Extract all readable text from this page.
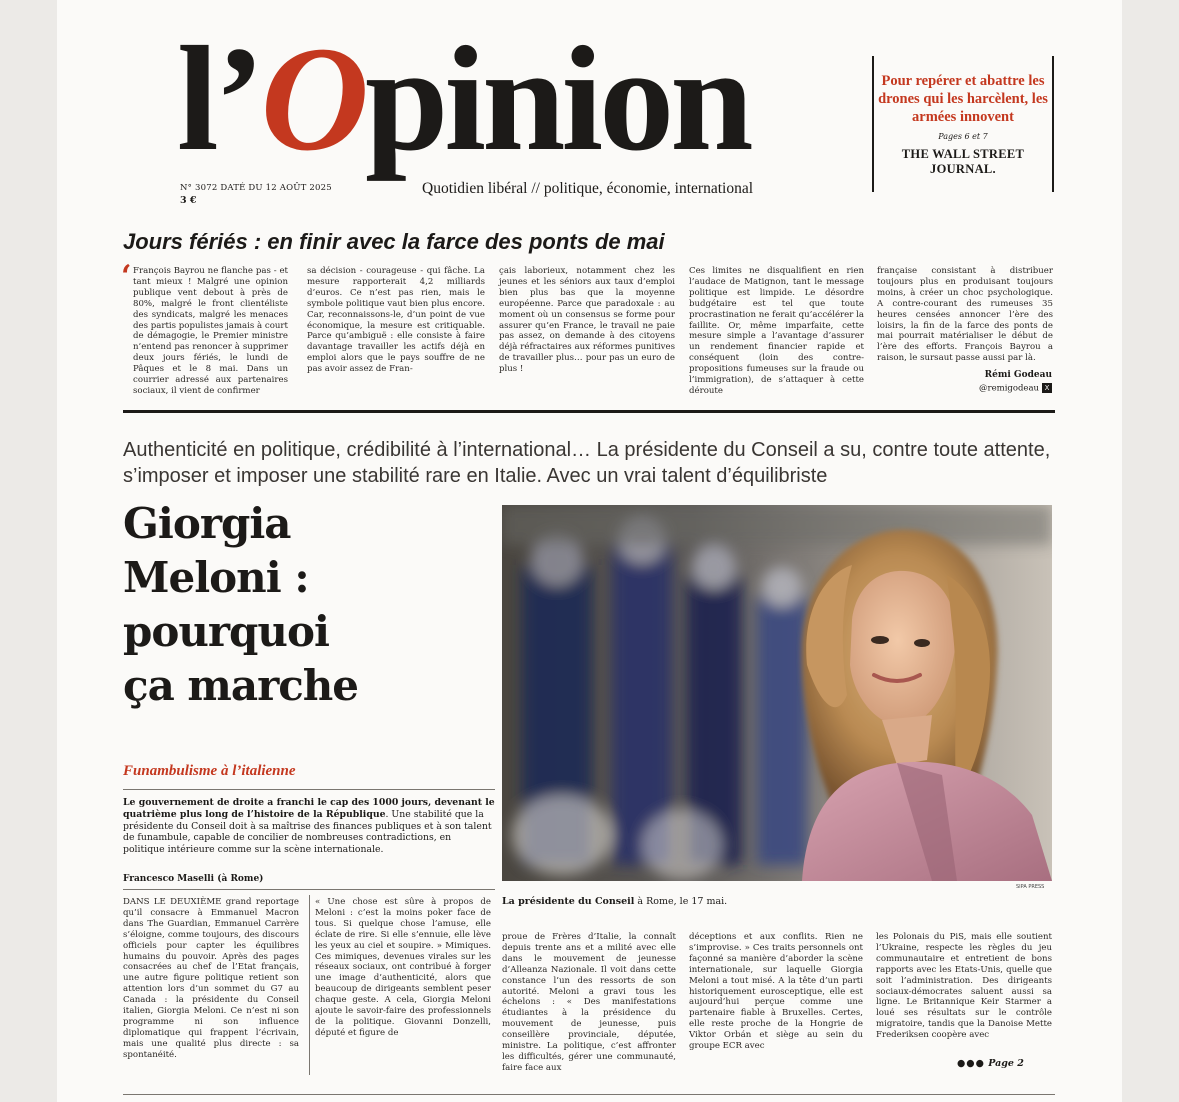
l’Opinion
N° 3072 DATÉ DU 12 AOÛT 2025
3 €
Quotidien libéral // politique, économie, international
Pour repérer et abattre les drones qui les harcèlent, les armées innovent
Pages 6 et 7
THE WALL STREET JOURNAL.
Jours fériés : en finir avec la farce des ponts de mai
‘ François Bayrou ne flanche pas - et tant mieux ! Malgré une opinion publique vent debout à près de 80%, malgré le front clientéliste des syndicats, malgré les menaces des partis populistes jamais à court de démagogie, le Premier ministre n’entend pas renoncer à supprimer deux jours fériés, le lundi de Pâques et le 8 mai. Dans un courrier adressé aux partenaires sociaux, il vient de confirmer
sa décision - courageuse - qui fâche. La mesure rapporterait 4,2 milliards d’euros. Ce n’est pas rien, mais le symbole politique vaut bien plus encore. Car, reconnaissons-le, d’un point de vue économique, la mesure est critiquable. Parce qu’ambiguë : elle consiste à faire davantage travailler les actifs déjà en emploi alors que le pays souffre de ne pas avoir assez de Fran-
çais laborieux, notamment chez les jeunes et les séniors aux taux d’emploi bien plus bas que la moyenne européenne. Parce que paradoxale : au moment où un consensus se forme pour assurer qu’en France, le travail ne paie pas assez, on demande à des citoyens déjà réfractaires aux réformes punitives de travailler plus… pour pas un euro de plus !
Ces limites ne disqualifient en rien l’audace de Matignon, tant le message politique est limpide. Le désordre budgétaire est tel que toute procrastination ne ferait qu’accélérer la faillite. Or, même imparfaite, cette mesure simple a l’avantage d’assurer un rendement financier rapide et conséquent (loin des contre-propositions fumeuses sur la fraude ou l’immigration), de s’attaquer à cette déroute
française consistant à distribuer toujours plus en produisant toujours moins, à créer un choc psychologique. A contre-courant des rumeuses 35 heures censées annoncer l’ère des loisirs, la fin de la farce des ponts de mai pourrait matérialiser le début de l’ère des efforts. François Bayrou a raison, le sursaut passe aussi par là.
Rémi Godeau
@remigodeau X
Authenticité en politique, crédibilité à l’international… La présidente du Conseil a su, contre toute attente, s’imposer et imposer une stabilité rare en Italie. Avec un vrai talent d’équilibriste
Giorgia
Meloni :
pourquoi
ça marche
Funambulisme à l’italienne
Le gouvernement de droite a franchi le cap des 1000 jours, devenant le quatrième plus long de l’histoire de la République. Une stabilité que la présidente du Conseil doit à sa maîtrise des finances publiques et à son talent de funambule, capable de concilier de nombreuses contradictions, en politique intérieure comme sur la scène internationale.
Francesco Maselli (à Rome)
SIPA PRESS
La présidente du Conseil à Rome, le 17 mai.
DANS LE DEUXIÈME grand reportage qu’il consacre à Emmanuel Macron dans The Guardian, Emmanuel Carrère s’éloigne, comme toujours, des discours officiels pour capter les équilibres humains du pouvoir. Après des pages consacrées au chef de l’Etat français, une autre figure politique retient son attention lors d’un sommet du G7 au Canada : la présidente du Conseil italien, Giorgia Meloni. Ce n’est ni son programme ni son influence diplomatique qui frappent l’écrivain, mais une qualité plus directe : sa spontanéité.
« Une chose est sûre à propos de Meloni : c’est la moins poker face de tous. Si quelque chose l’amuse, elle éclate de rire. Si elle s’ennuie, elle lève les yeux au ciel et soupire. » Mimiques. Ces mimiques, devenues virales sur les réseaux sociaux, ont contribué à forger une image d’authenticité, alors que beaucoup de dirigeants semblent peser chaque geste. A cela, Giorgia Meloni ajoute le savoir-faire des professionnels de la politique. Giovanni Donzelli, député et figure de
proue de Frères d’Italie, la connaît depuis trente ans et a milité avec elle dans le mouvement de jeunesse d’Alleanza Nazionale. Il voit dans cette constance l’un des ressorts de son autorité. Meloni a gravi tous les échelons : « Des manifestations étudiantes à la présidence du mouvement de jeunesse, puis conseillère provinciale, députée, ministre. La politique, c’est affronter les difficultés, gérer une communauté, faire face aux
déceptions et aux conflits. Rien ne s’improvise. » Ces traits personnels ont façonné sa manière d’aborder la scène internationale, sur laquelle Giorgia Meloni a tout misé. A la tête d’un parti historiquement eurosceptique, elle est aujourd’hui perçue comme une partenaire fiable à Bruxelles. Certes, elle reste proche de la Hongrie de Viktor Orbán et siège au sein du groupe ECR avec
les Polonais du PiS, mais elle soutient l’Ukraine, respecte les règles du jeu communautaire et entretient de bons rapports avec les Etats-Unis, quelle que soit l’administration. Des dirigeants sociaux-démocrates saluent aussi sa ligne. Le Britannique Keir Starmer a loué ses résultats sur le contrôle migratoire, tandis que la Danoise Mette Frederiksen coopère avec
●●● Page 2
